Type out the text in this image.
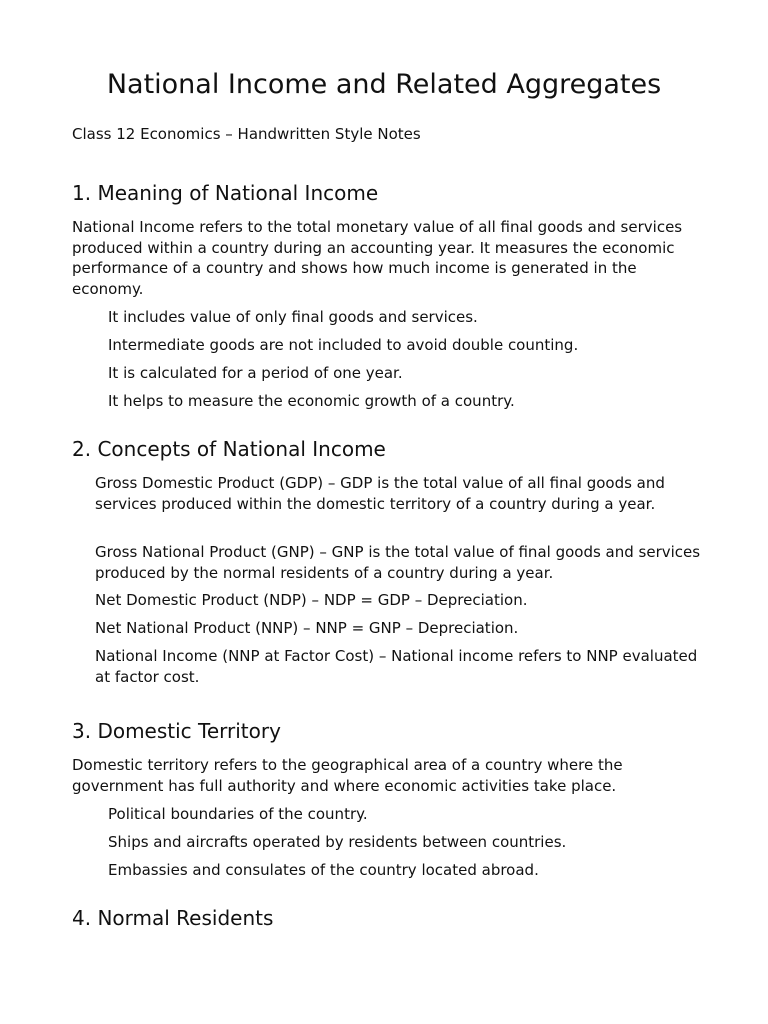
National Income and Related Aggregates

Class 12 Economics – Handwritten Style Notes

1. Meaning of National Income

National Income refers to the total monetary value of all final goods and services produced within a country during an accounting year. It measures the economic performance of a country and shows how much income is generated in the economy.

It includes value of only final goods and services.

Intermediate goods are not included to avoid double counting.

It is calculated for a period of one year.

It helps to measure the economic growth of a country.

2. Concepts of National Income

Gross Domestic Product (GDP) – GDP is the total value of all final goods and services produced within the domestic territory of a country during a year.

Gross National Product (GNP) – GNP is the total value of final goods and services produced by the normal residents of a country during a year.

Net Domestic Product (NDP) – NDP = GDP – Depreciation.

Net National Product (NNP) – NNP = GNP – Depreciation.

National Income (NNP at Factor Cost) – National income refers to NNP evaluated at factor cost.

3. Domestic Territory

Domestic territory refers to the geographical area of a country where the government has full authority and where economic activities take place.

Political boundaries of the country.

Ships and aircrafts operated by residents between countries.

Embassies and consulates of the country located abroad.

4. Normal Residents
